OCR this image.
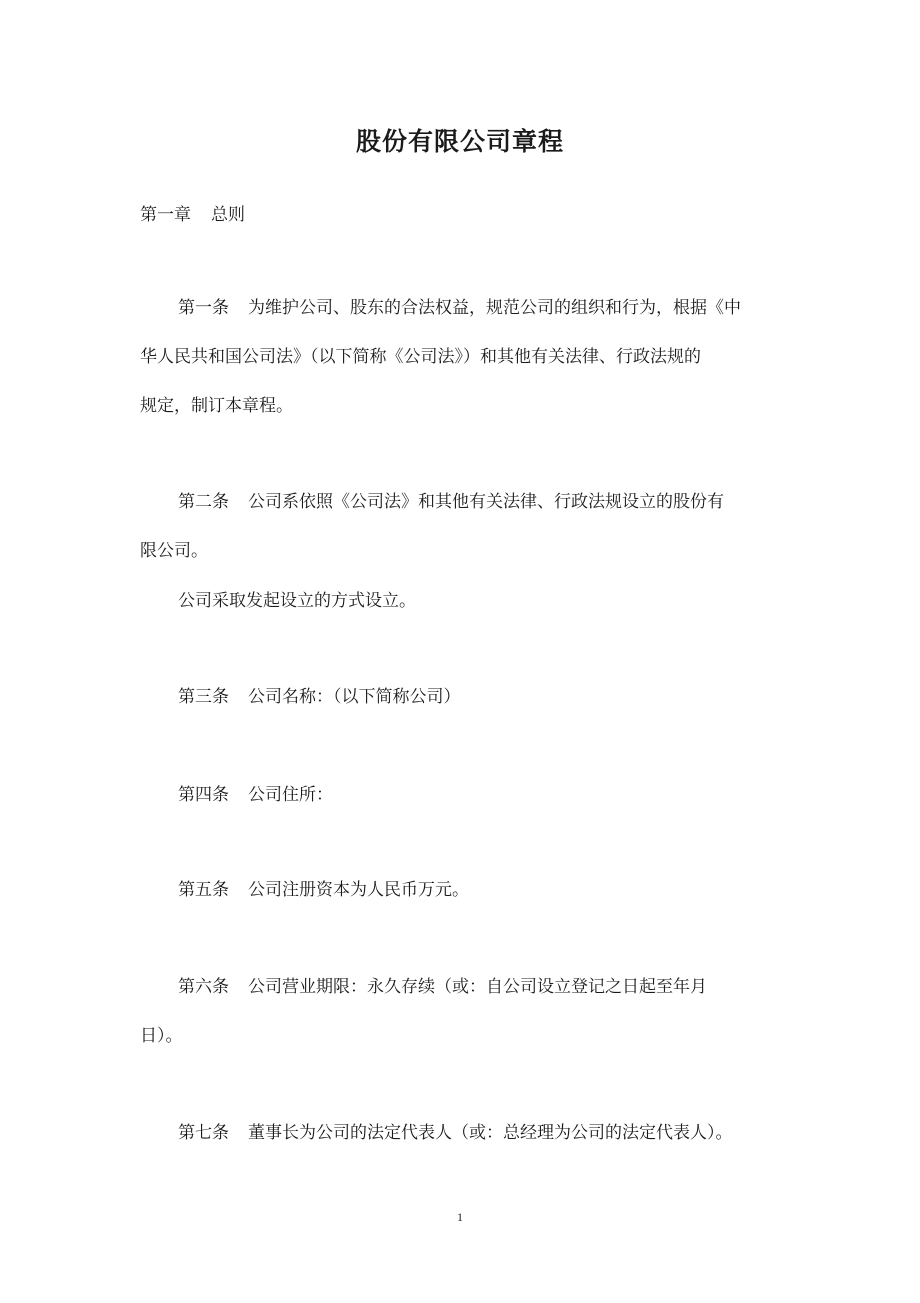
股份有限公司章程
第一章 总则
第一条 为维护公司、股东的合法权益，规范公司的组织和行为，根据《中
华人民共和国公司法》（以下简称《公司法》）和其他有关法律、行政法规的
规定，制订本章程。
第二条 公司系依照《公司法》和其他有关法律、行政法规设立的股份有
限公司。
公司采取发起设立的方式设立。
第三条 公司名称：（以下简称公司）
第四条 公司住所：
第五条 公司注册资本为人民币万元。
第六条 公司营业期限：永久存续（或：自公司设立登记之日起至年月
日）。
第七条 董事长为公司的法定代表人（或：总经理为公司的法定代表人）。
1
